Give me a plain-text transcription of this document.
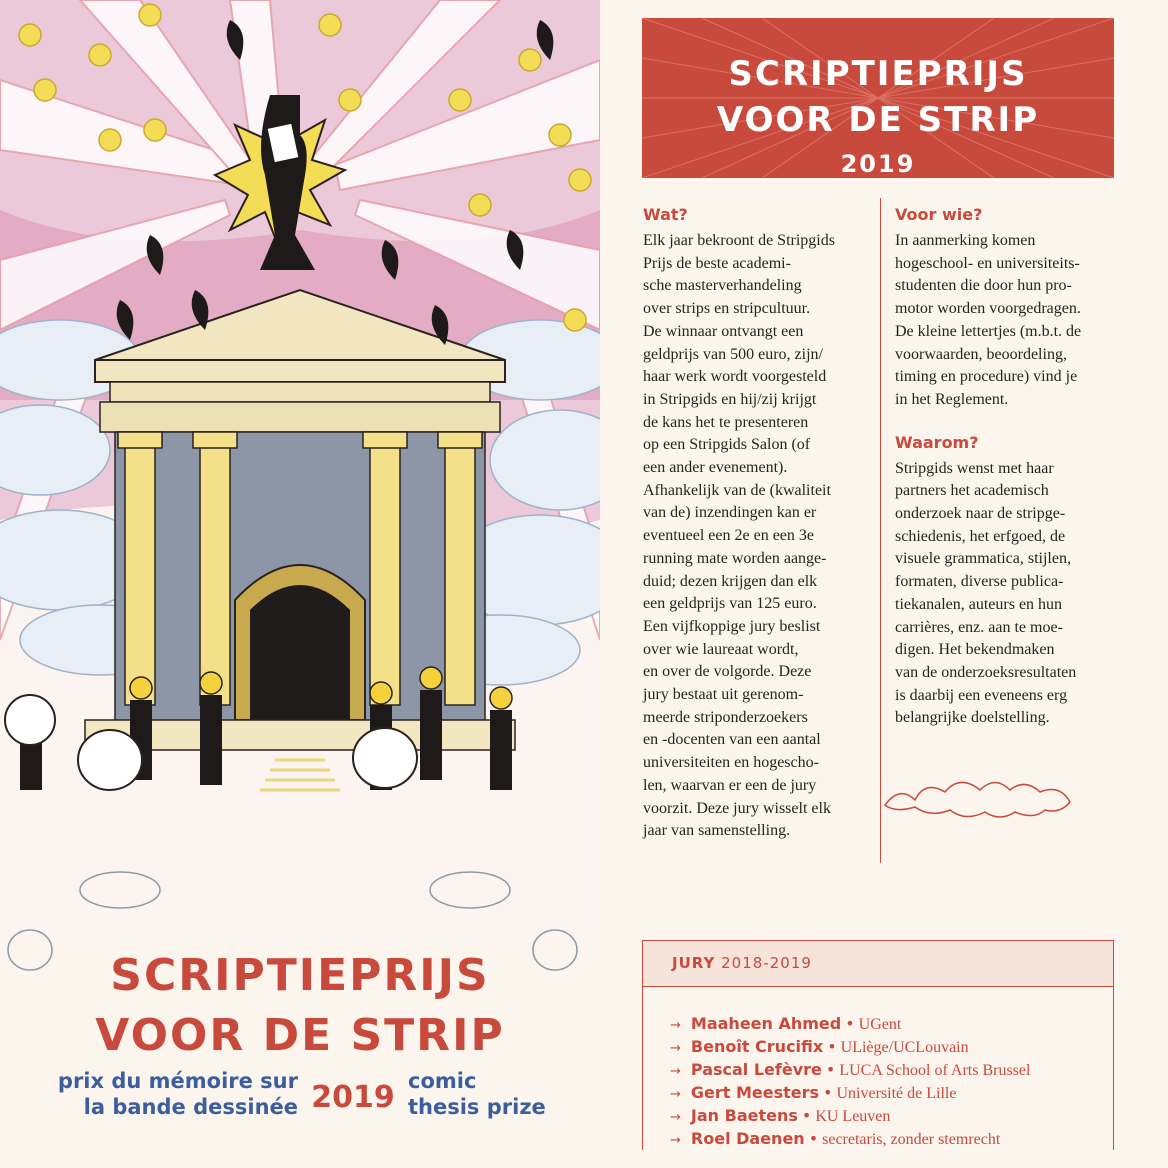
SCRIPTIEPRIJS
VOOR DE STRIP
prix du mémoire sur
la bande dessinée 2019 comic
thesis prize
SCRIPTIEPRIJS
VOOR DE STRIP
2019
Wat?

Elk jaar bekroont de Stripgids
Prijs de beste academi-
sche masterverhandeling
over strips en stripcultuur.
De winnaar ontvangt een
geldprijs van 500 euro, zijn/
haar werk wordt voorgesteld
in Stripgids en hij/zij krijgt
de kans het te presenteren
op een Stripgids Salon (of
een ander evenement).
Afhankelijk van de (kwaliteit
van de) inzendingen kan er
eventueel een 2e en een 3e
running mate worden aange-
duid; dezen krijgen dan elk
een geldprijs van 125 euro.
Een vijfkoppige jury beslist
over wie laureaat wordt,
en over de volgorde. Deze
jury bestaat uit gerenom-
meerde striponderzoekers
en -docenten van een aantal
universiteiten en hogescho-
len, waarvan er een de jury
voorzit. Deze jury wisselt elk
jaar van samenstelling.

Voor wie?

In aanmerking komen
hogeschool- en universiteits-
studenten die door hun pro-
motor worden voorgedragen.
De kleine lettertjes (m.b.t. de
voorwaarden, beoordeling,
timing en procedure) vind je
in het Reglement.

Waarom?

Stripgids wenst met haar
partners het academisch
onderzoek naar de stripge-
schiedenis, het erfgoed, de
visuele grammatica, stijlen,
formaten, diverse publica-
tiekanalen, auteurs en hun
carrières, enz. aan te moe-
digen. Het bekendmaken
van de onderzoeksresultaten
is daarbij een eveneens erg
belangrijke doelstelling.

JURY 2018-2019
→ Maaheen Ahmed • UGent
→ Benoît Crucifix • ULiège/UCLouvain
→ Pascal Lefèvre • LUCA School of Arts Brussel
→ Gert Meesters • Université de Lille
→ Jan Baetens • KU Leuven
→ Roel Daenen • secretaris, zonder stemrecht
